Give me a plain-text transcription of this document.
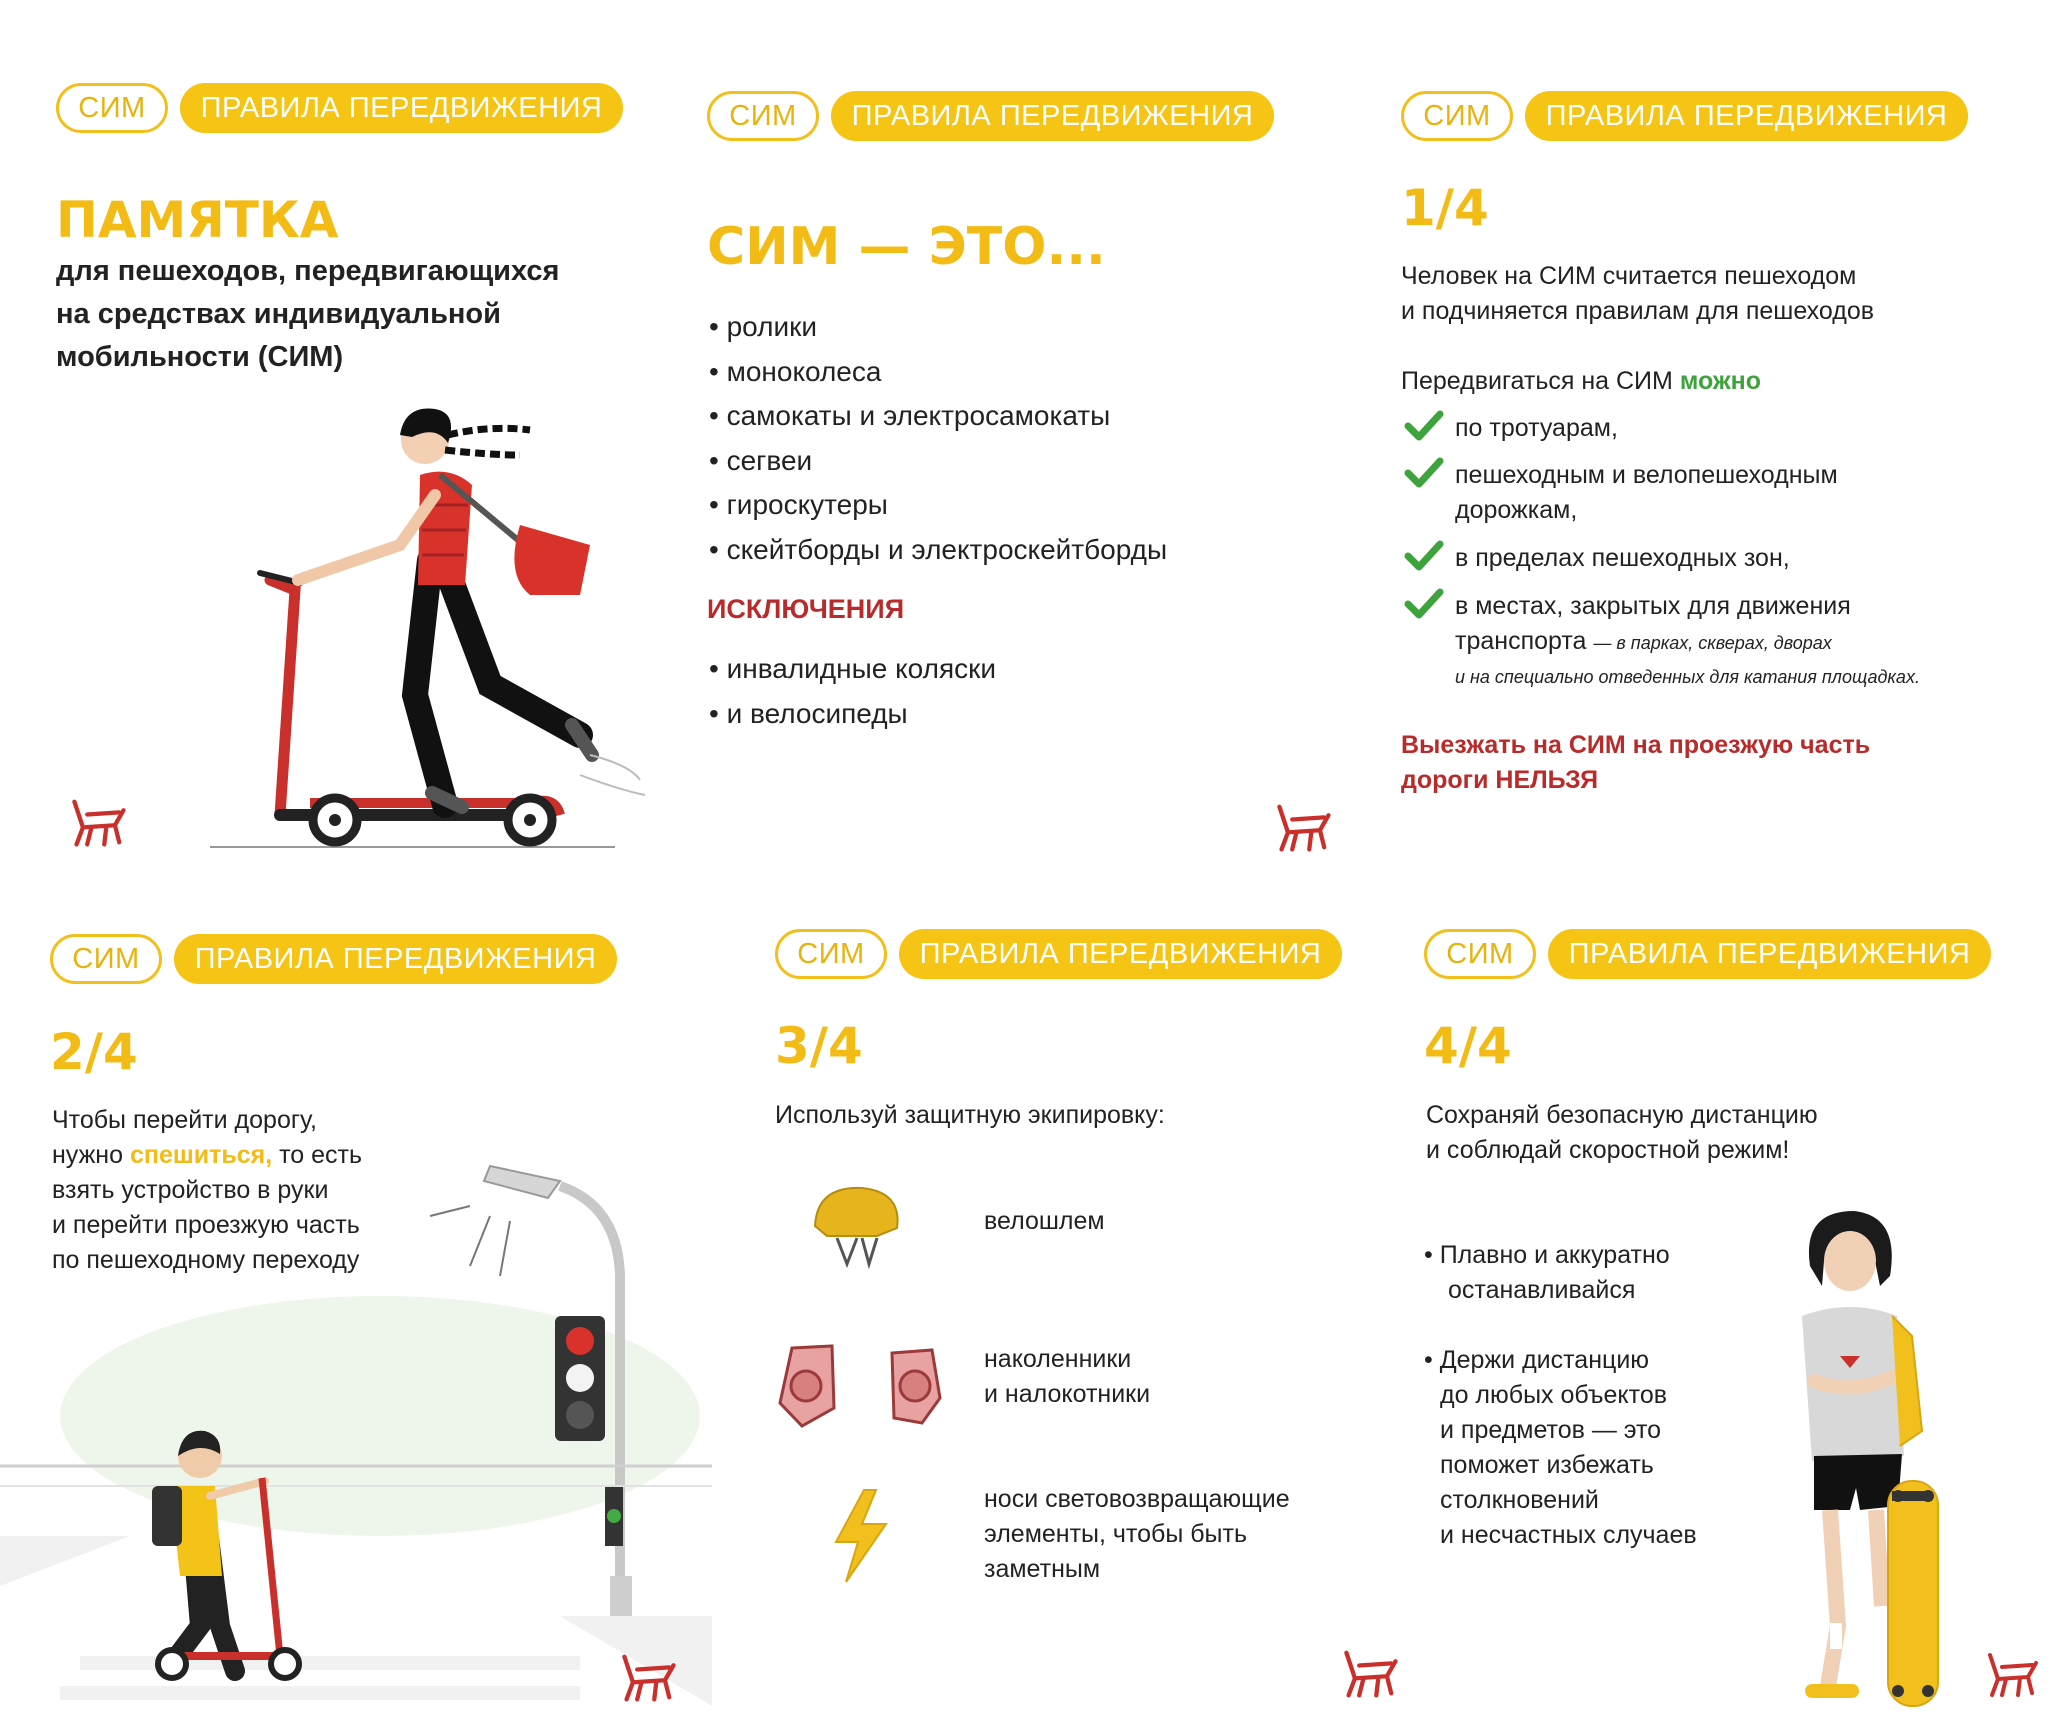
СИМ	ПРАВИЛА ПЕРЕДВИЖЕНИЯ
ПАМЯТКА
для пешеходов, передвигающихся
на средствах индивидуальной
мобильности (СИМ)
СИМ	ПРАВИЛА ПЕРЕДВИЖЕНИЯ
СИМ — ЭТО...
• ролики
• моноколеса
• самокаты и электросамокаты
• сегвеи
• гироскутеры
• скейтборды и электроскейтборды
ИСКЛЮЧЕНИЯ
• инвалидные коляски
• и велосипеды
СИМ	ПРАВИЛА ПЕРЕДВИЖЕНИЯ
1/4
Человек на СИМ считается пешеходом
и подчиняется правилам для пешеходов
Передвигаться на СИМ можно
по тротуарам,
пешеходным и велопешеходным
дорожкам,
в пределах пешеходных зон,
в местах, закрытых для движения
транспорта — в парках, скверах, дворах
и на специально отведенных для катания площадках.
Выезжать на СИМ на проезжую часть
дороги НЕЛЬЗЯ
СИМ	ПРАВИЛА ПЕРЕДВИЖЕНИЯ
2/4
Чтобы перейти дорогу,
нужно спешиться, то есть
взять устройство в руки
и перейти проезжую часть
по пешеходному переходу
СИМ	ПРАВИЛА ПЕРЕДВИЖЕНИЯ
3/4
Используй защитную экипировку:
велошлем
наколенники
и налокотники
носи световозвращающие
элементы, чтобы быть
заметным
СИМ	ПРАВИЛА ПЕРЕДВИЖЕНИЯ
4/4
Сохраняй безопасную дистанцию
и соблюдай скоростной режим!
• Плавно и аккуратно
останавливайся
• Держи дистанцию
до любых объектов
и предметов — это
поможет избежать
столкновений
и несчастных случаев
